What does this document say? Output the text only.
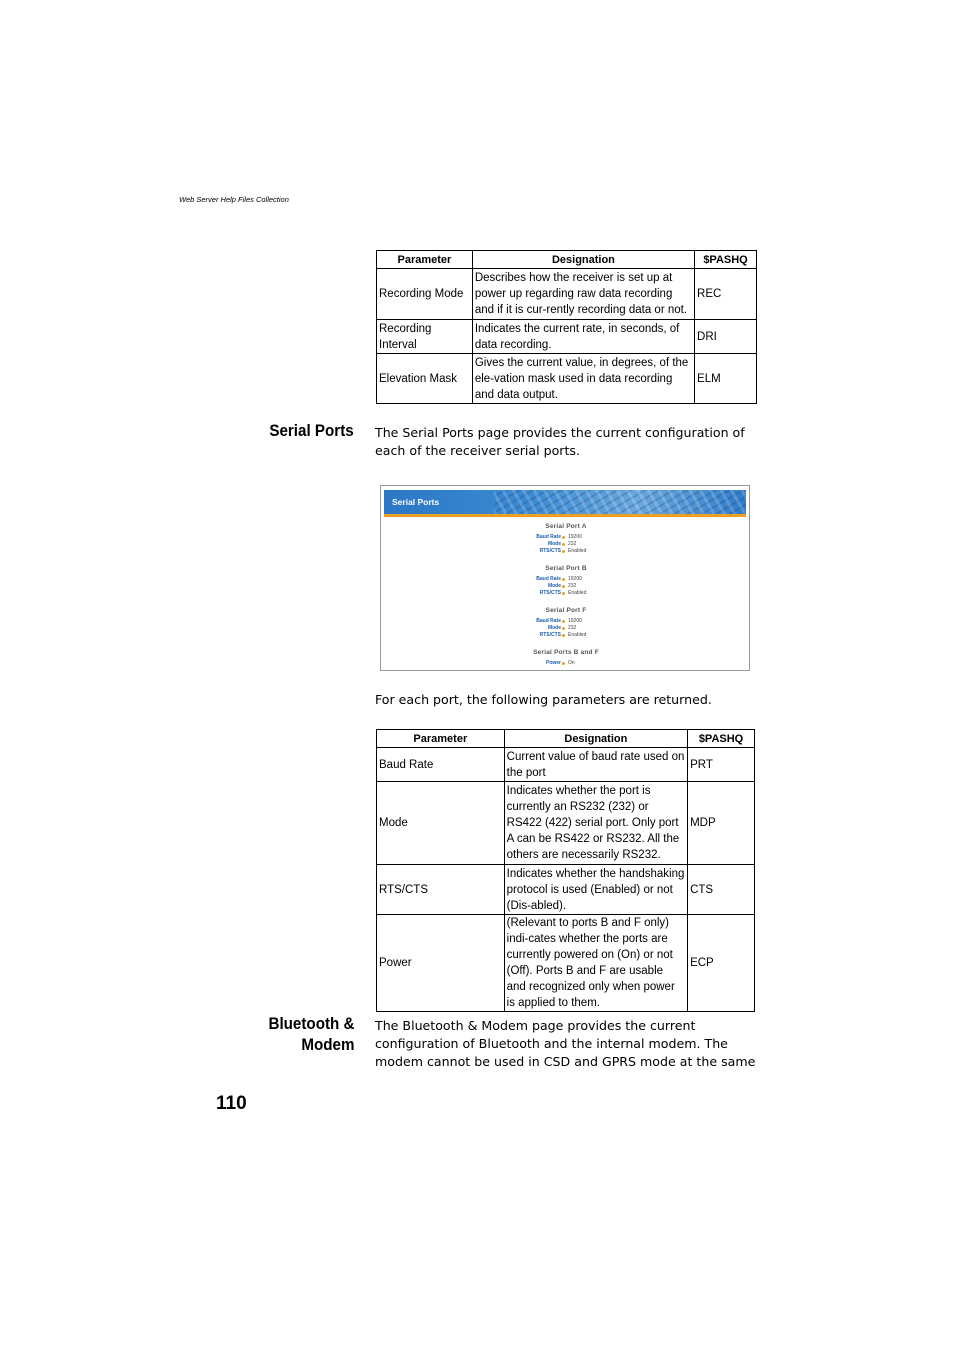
Web Server Help Files Collection
Parameter	Designation	$PASHQ
Recording Mode	Describes how the receiver is set up at power up regarding raw data recording and if it is cur-rently recording data or not.	REC
Recording Interval	Indicates the current rate, in seconds, of data recording.	DRI
Elevation Mask	Gives the current value, in degrees, of the ele-vation mask used in data recording and data output.	ELM
Serial Ports The Serial Ports page provides the current configuration of each of the receiver serial ports.
Serial Ports
Serial Port A
Baud Rate 19200
Mode 232
RTS/CTS Enabled
Serial Port B
Baud Rate 19200
Mode 232
RTS/CTS Enabled
Serial Port F
Baud Rate 19200
Mode 232
RTS/CTS Enabled
Serial Ports B and F
Power On
For each port, the following parameters are returned.
Parameter	Designation	$PASHQ
Baud Rate	Current value of baud rate used on the port	PRT
Mode	Indicates whether the port is currently an RS232 (232) or RS422 (422) serial port. Only port A can be RS422 or RS232. All the others are necessarily RS232.	MDP
RTS/CTS	Indicates whether the handshaking protocol is used (Enabled) or not (Dis-abled).	CTS
Power	(Relevant to ports B and F only) indi-cates whether the ports are currently powered on (On) or not (Off). Ports B and F are usable and recognized only when power is applied to them.	ECP
Bluetooth &
Modem
The Bluetooth & Modem page provides the current configuration of Bluetooth and the internal modem. The modem cannot be used in CSD and GPRS mode at the same
110
